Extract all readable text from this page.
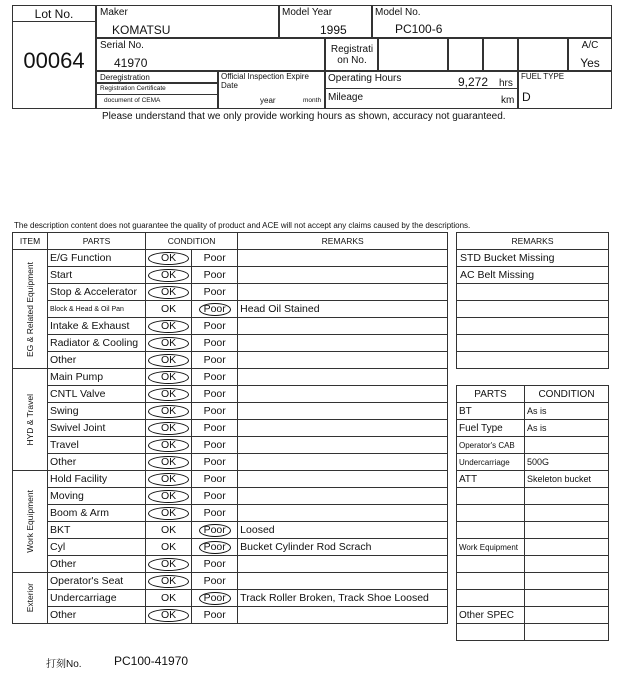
Lot No.
00064
Maker
KOMATSU
Model Year
1995
Model No.
PC100-6
Serial No.
41970
Registrati on No.
A/C
Yes
Deregistration
Registration Certificate
document of CEMA
Official Inspection Expire Date
year	month
Operating Hours	9,272 hrs
Mileage	km
FUEL TYPE
D
Please understand that we only provide working hours as shown, accuracy not guaranteed.
The description content does not guarantee the quality of product and ACE will not accept any claims caused by the descriptions.
ITEM	PARTS	CONDITION		REMARKS

EG & Related Equipment	E/G Function	OK	Poor	
	Start	OK	Poor	
	Stop & Accelerator	OK	Poor	
	Block & Head & Oil Pan	OK	Poor	Head Oil Stained
	Intake & Exhaust	OK	Poor	
	Radiator & Cooling	OK	Poor	
	Other	OK	Poor	

HYD & Travel	Main Pump	OK	Poor	
	CNTL Valve	OK	Poor	
	Swing	OK	Poor	
	Swivel Joint	OK	Poor	
	Travel	OK	Poor	
	Other	OK	Poor	

Work Equipment	Hold Facility	OK	Poor	
	Moving	OK	Poor	
	Boom & Arm	OK	Poor	
	BKT	OK	Poor	Loosed
	Cyl	OK	Poor	Bucket Cylinder Rod Scrach
	Other	OK	Poor	

Exterior	Operator's Seat	OK	Poor	
	Undercarriage	OK	Poor	Track Roller Broken, Track Shoe Loosed
	Other	OK	Poor	
REMARKS
STD Bucket Missing
AC Belt Missing

PARTS	CONDITION
BT	As is
Fuel Type	As is
Operator's CAB	
Undercarriage	500G
ATT	Skeleton bucket

Work Equipment	

Other SPEC	

打刻No.	PC100-41970
